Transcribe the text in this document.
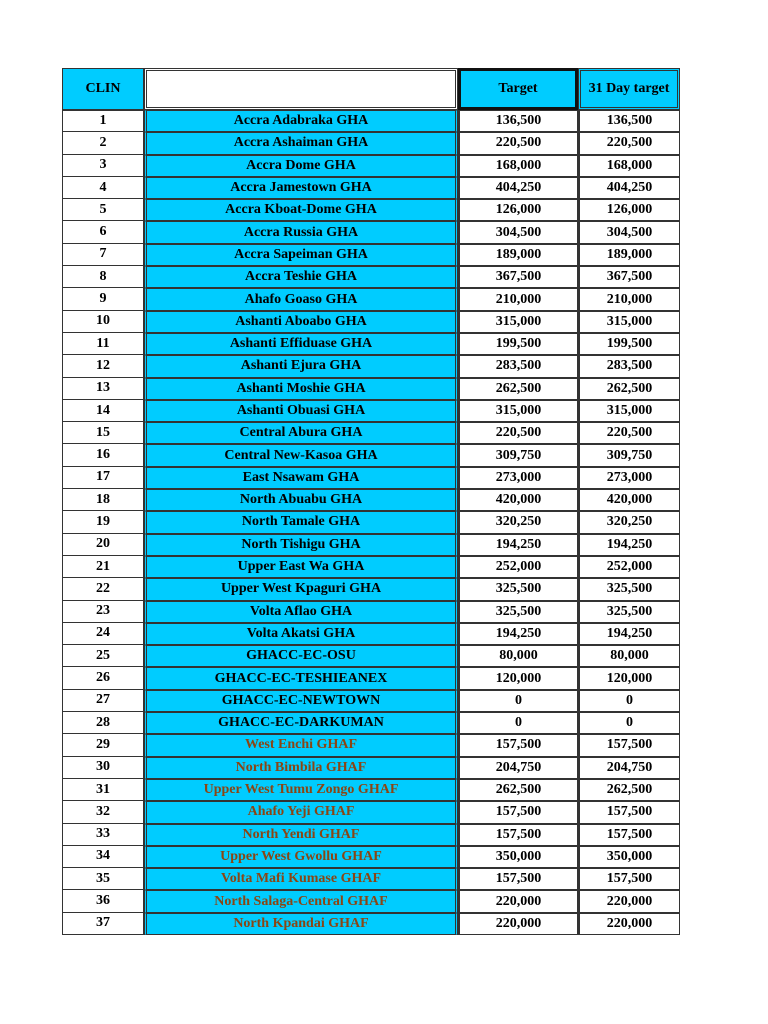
CLIN		Target	31 Day target
1	Accra Adabraka GHA	136,500	136,500
2	Accra Ashaiman GHA	220,500	220,500
3	Accra Dome GHA	168,000	168,000
4	Accra Jamestown GHA	404,250	404,250
5	Accra Kboat-Dome GHA	126,000	126,000
6	Accra Russia GHA	304,500	304,500
7	Accra Sapeiman GHA	189,000	189,000
8	Accra Teshie GHA	367,500	367,500
9	Ahafo Goaso GHA	210,000	210,000
10	Ashanti Aboabo GHA	315,000	315,000
11	Ashanti Effiduase GHA	199,500	199,500
12	Ashanti Ejura GHA	283,500	283,500
13	Ashanti Moshie GHA	262,500	262,500
14	Ashanti Obuasi GHA	315,000	315,000
15	Central Abura GHA	220,500	220,500
16	Central New-Kasoa GHA	309,750	309,750
17	East Nsawam GHA	273,000	273,000
18	North Abuabu GHA	420,000	420,000
19	North Tamale GHA	320,250	320,250
20	North Tishigu GHA	194,250	194,250
21	Upper East Wa GHA	252,000	252,000
22	Upper West Kpaguri GHA	325,500	325,500
23	Volta Aflao GHA	325,500	325,500
24	Volta Akatsi GHA	194,250	194,250
25	GHACC-EC-OSU	80,000	80,000
26	GHACC-EC-TESHIEANEX	120,000	120,000
27	GHACC-EC-NEWTOWN	0	0
28	GHACC-EC-DARKUMAN	0	0
29	West Enchi GHAF	157,500	157,500
30	North Bimbila GHAF	204,750	204,750
31	Upper West Tumu Zongo GHAF	262,500	262,500
32	Ahafo Yeji GHAF	157,500	157,500
33	North Yendi GHAF	157,500	157,500
34	Upper West Gwollu GHAF	350,000	350,000
35	Volta Mafi Kumase GHAF	157,500	157,500
36	North Salaga-Central GHAF	220,000	220,000
37	North Kpandai GHAF	220,000	220,000
